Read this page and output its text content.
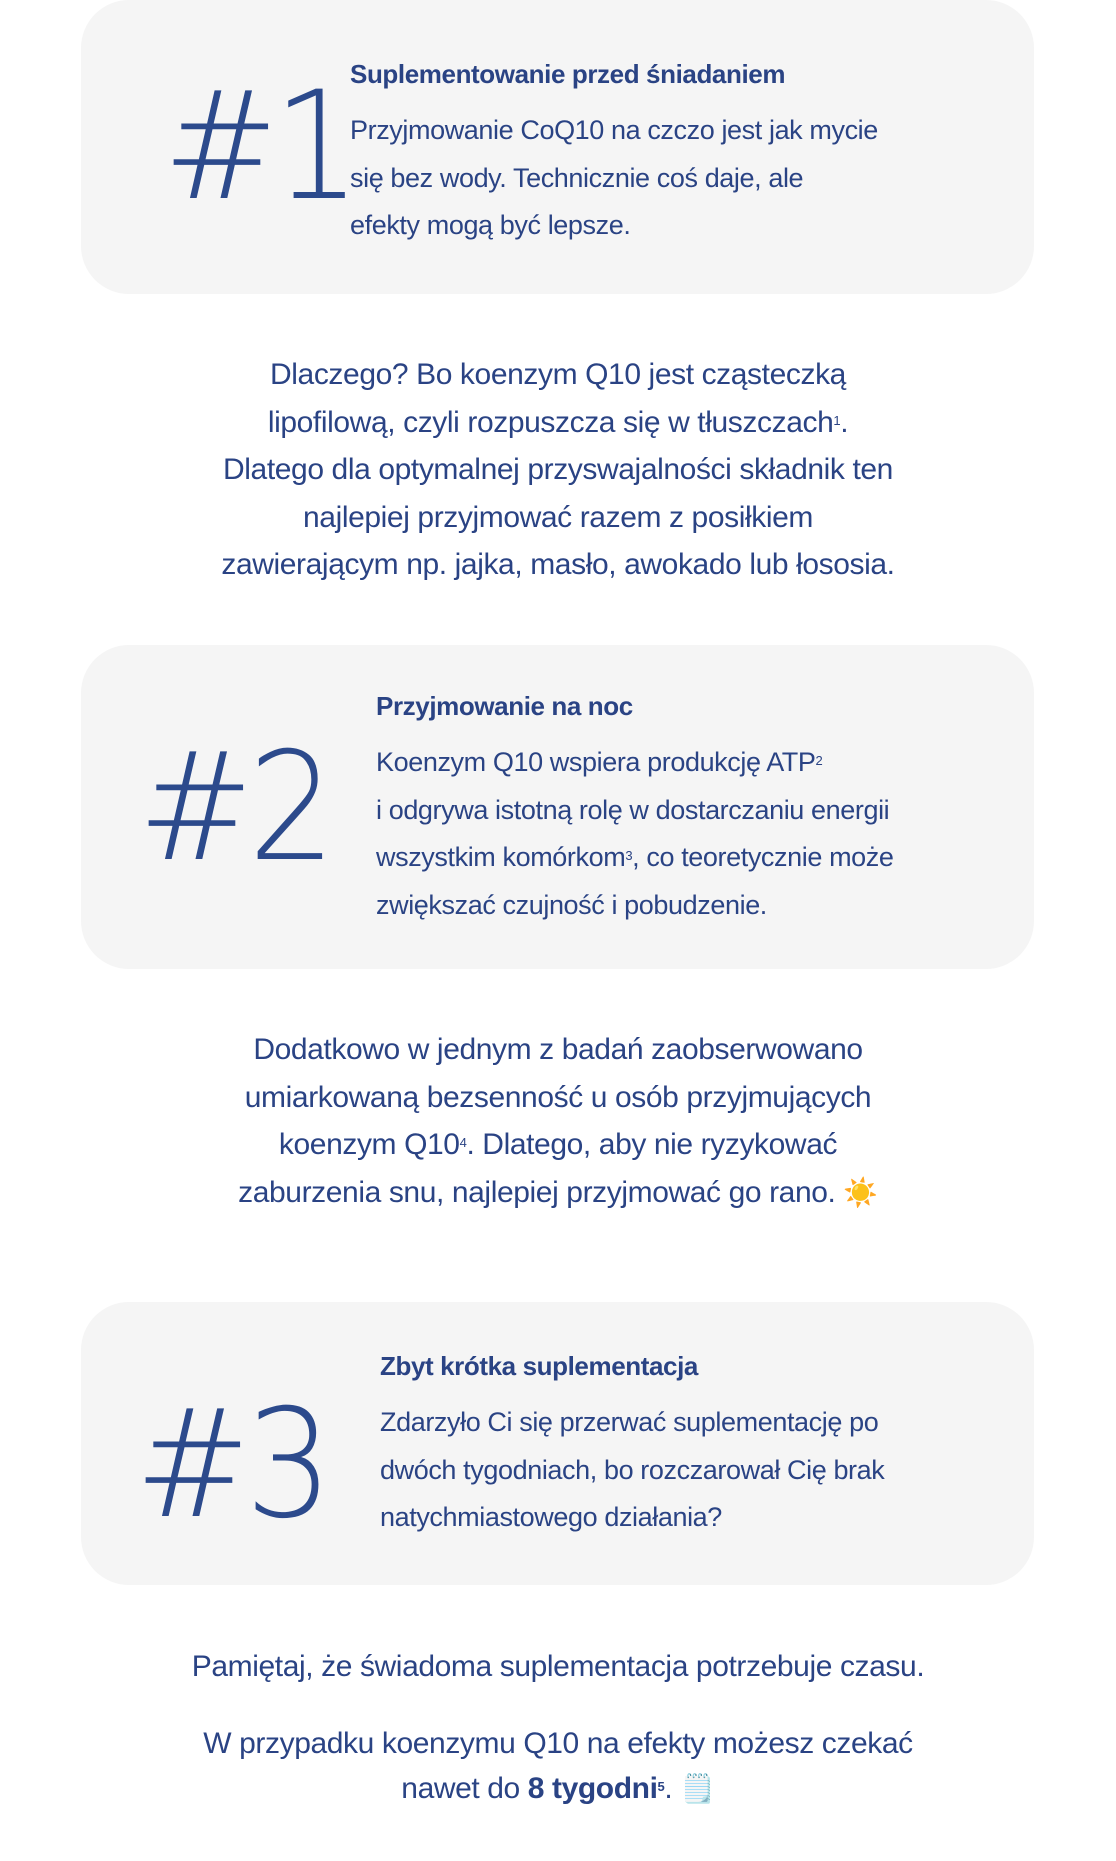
#1
Suplementowanie przed śniadaniem
Przyjmowanie CoQ10 na czczo jest jak mycie
się bez wody. Technicznie coś daje, ale
efekty mogą być lepsze.
Dlaczego? Bo koenzym Q10 jest cząsteczką
lipofilową, czyli rozpuszcza się w tłuszczach$^1$.
Dlatego dla optymalnej przyswajalności składnik ten
najlepiej przyjmować razem z posiłkiem
zawierającym np. jajka, masło, awokado lub łososia.
#2
Przyjmowanie na noc
Koenzym Q10 wspiera produkcję ATP$^2$
i odgrywa istotną rolę w dostarczaniu energii
wszystkim komórkom$^3$, co teoretycznie może
zwiększać czujność i pobudzenie.
Dodatkowo w jednym z badań zaobserwowano
umiarkowaną bezsenność u osób przyjmujących
koenzym $Q10^4$. Dlatego, aby nie ryzykować
zaburzenia snu, najlepiej przyjmować go rano. ☀️
#3
Zbyt krótka suplementacja
Zdarzyło Ci się przerwać suplementację po
dwóch tygodniach, bo rozczarował Cię brak
natychmiastowego działania?
Pamiętaj, że świadoma suplementacja potrzebuje czasu.
W przypadku koenzymu Q10 na efekty możesz czekać
nawet do 8 tygodni$^5$. 🗒️
